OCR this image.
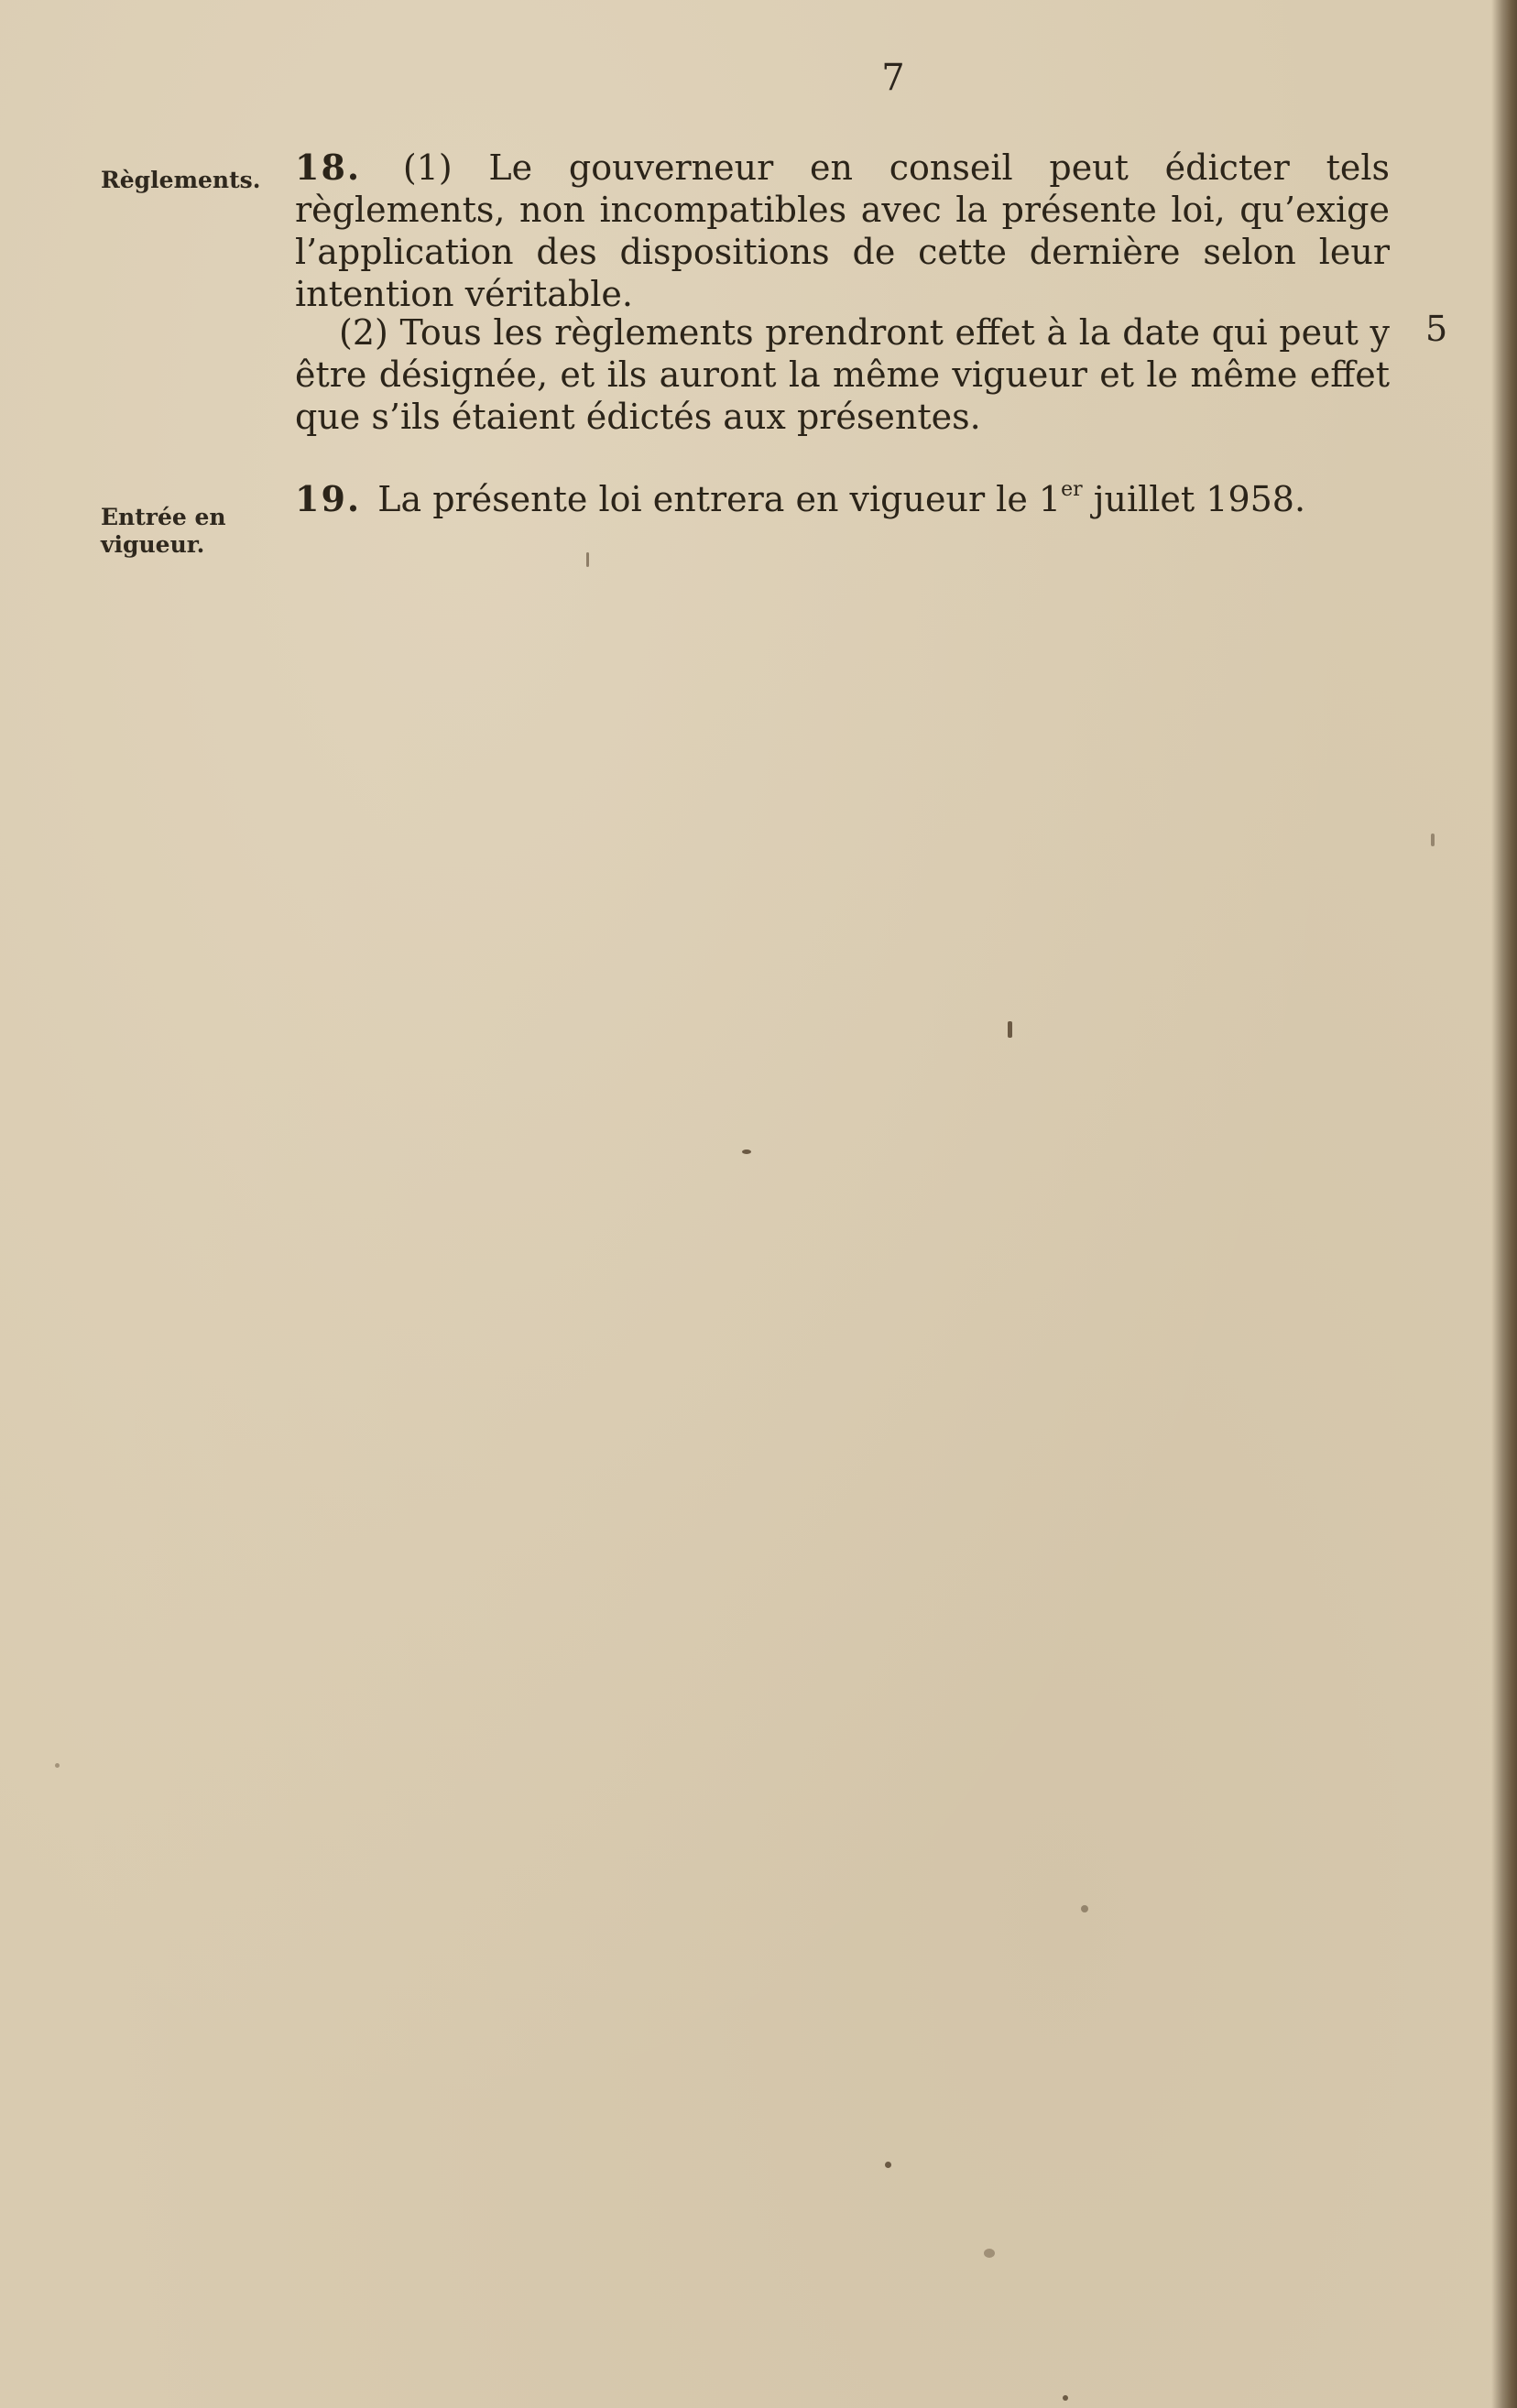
7
Règlements.
Entrée en
vigueur.
5
18. (1) Le gouverneur en conseil peut édicter tels règlements, non incompatibles avec la présente loi, qu’exige l’application des dispositions de cette dernière selon leur intention véritable.
(2) Tous les règlements prendront effet à la date qui peut y être désignée, et ils auront la même vigueur et le même effet que s’ils étaient édictés aux présentes.
19. La présente loi entrera en vigueur le 1er juillet 1958.
